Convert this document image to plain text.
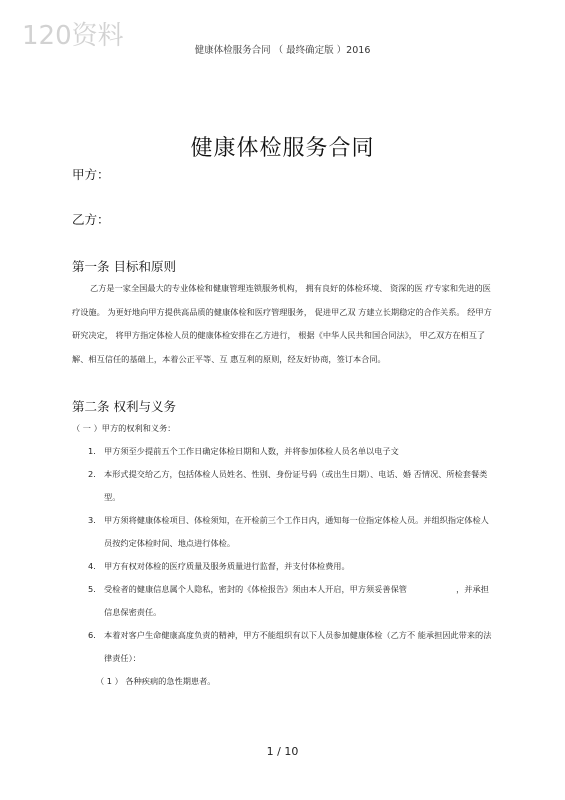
120资料	健康体检服务合同 （ 最终确定版 ）2016
健康体检服务合同
甲方：
乙方：
第一条 目标和原则

乙方是一家全国最大的专业体检和健康管理连锁服务机构， 拥有良好的体检环境、 资深的医 疗专家和先进的医疗设施。 为更好地向甲方提供高品质的健康体检和医疗管理服务， 促进甲乙双 方建立长期稳定的合作关系。 经甲方研究决定， 将甲方指定体检人员的健康体检安排在乙方进行， 根据《中华人民共和国合同法》， 甲乙双方在相互了解、相互信任的基础上，本着公正平等、互 惠互利的原则，经友好协商，签订本合同。

第二条 权利与义务
（ 一 ）甲方的权利和义务：
1. 甲方须至少提前五个工作日确定体检日期和人数，并将参加体检人员名单以电子文
2. 本形式提交给乙方，包括体检人员姓名、性别、身份证号码（或出生日期）、电话、婚 否情况、所检套餐类型。
3. 甲方须将健康体检项目、体检须知，在开检前三个工作日内，通知每一位指定体检人员。并组织指定体检人员按约定体检时间、地点进行体检。
4. 甲方有权对体检的医疗质量及服务质量进行监督，并支付体检费用。
5. 受检者的健康信息属个人隐私，密封的《体检报告》须由本人开启，甲方须妥善保管　　　　　　，并承担信息保密责任。
6. 本着对客户生命健康高度负责的精神，甲方不能组织有以下人员参加健康体检（乙方不 能承担因此带来的法律责任）：
（ 1 ） 各种疾病的急性期患者。
1 / 10
